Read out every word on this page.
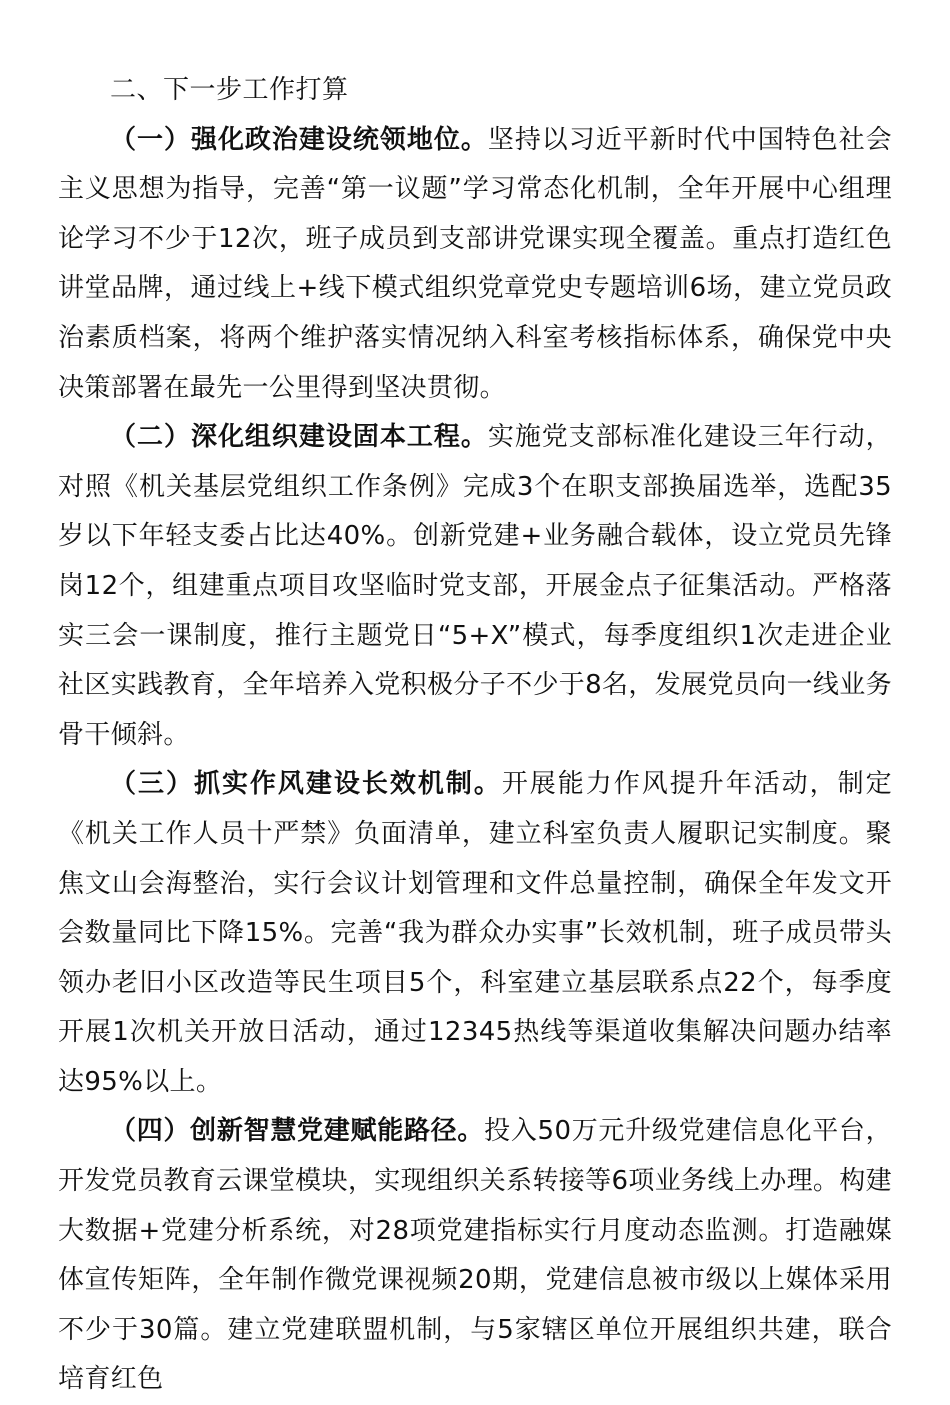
二、下一步工作打算

（一）强化政治建设统领地位。坚持以习近平新时代中国特色社会主义思想为指导，完善“第一议题”学习常态化机制，全年开展中心组理论学习不少于12次，班子成员到支部讲党课实现全覆盖。重点打造红色讲堂品牌，通过线上+线下模式组织党章党史专题培训6场，建立党员政治素质档案，将两个维护落实情况纳入科室考核指标体系，确保党中央决策部署在最先一公里得到坚决贯彻。

（二）深化组织建设固本工程。实施党支部标准化建设三年行动，对照《机关基层党组织工作条例》完成3个在职支部换届选举，选配35岁以下年轻支委占比达40%。创新党建+业务融合载体，设立党员先锋岗12个，组建重点项目攻坚临时党支部，开展金点子征集活动。严格落实三会一课制度，推行主题党日“5+X”模式，每季度组织1次走进企业社区实践教育，全年培养入党积极分子不少于8名，发展党员向一线业务骨干倾斜。

（三）抓实作风建设长效机制。开展能力作风提升年活动，制定《机关工作人员十严禁》负面清单，建立科室负责人履职记实制度。聚焦文山会海整治，实行会议计划管理和文件总量控制，确保全年发文开会数量同比下降15%。完善“我为群众办实事”长效机制，班子成员带头领办老旧小区改造等民生项目5个，科室建立基层联系点22个，每季度开展1次机关开放日活动，通过12345热线等渠道收集解决问题办结率达95%以上。

（四）创新智慧党建赋能路径。投入50万元升级党建信息化平台，开发党员教育云课堂模块，实现组织关系转接等6项业务线上办理。构建大数据+党建分析系统，对28项党建指标实行月度动态监测。打造融媒体宣传矩阵，全年制作微党课视频20期，党建信息被市级以上媒体采用不少于30篇。建立党建联盟机制，与5家辖区单位开展组织共建，联合培育红色
